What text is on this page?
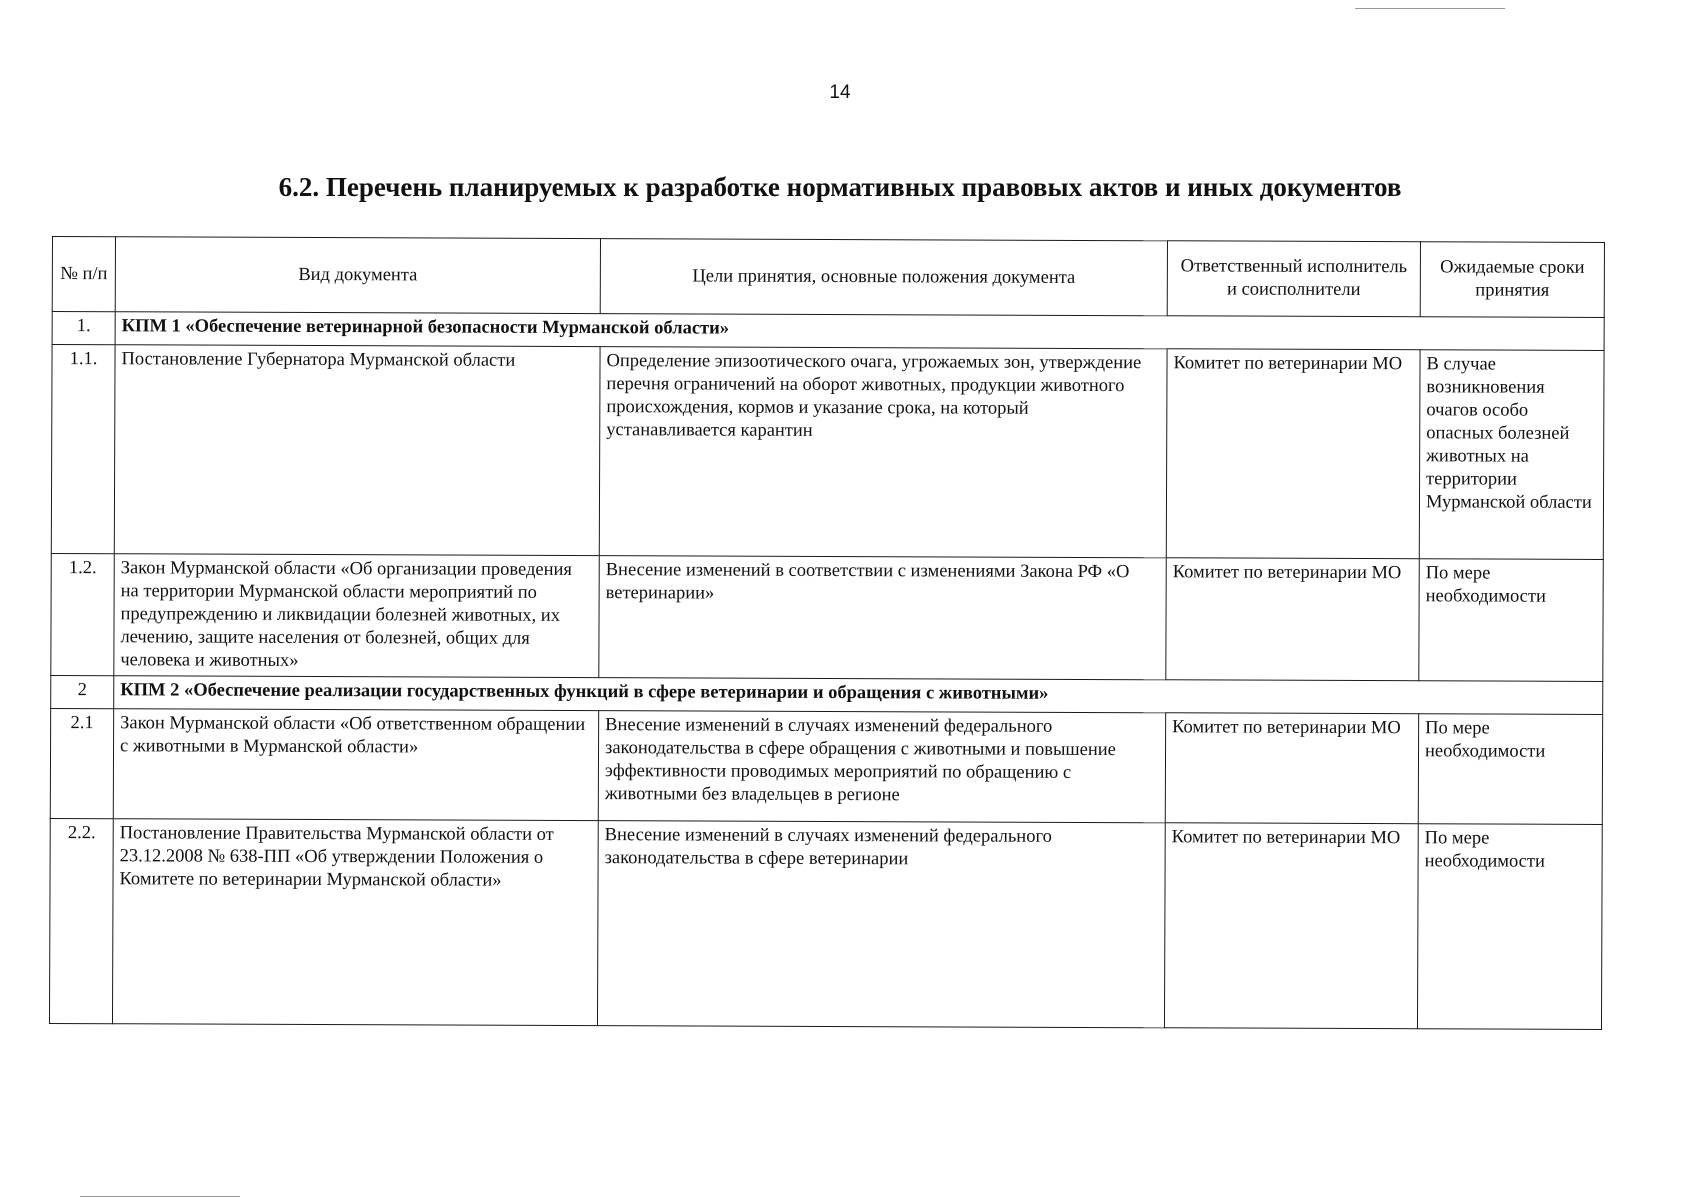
14
6.2. Перечень планируемых к разработке нормативных правовых актов и иных документов
№ п/п	Вид документа	Цели принятия, основные положения документа	Ответственный исполнитель и соисполнители	Ожидаемые сроки принятия
1.	КПМ 1 «Обеспечение ветеринарной безопасности Мурманской области»			
1.1.	Постановление Губернатора Мурманской области	Определение эпизоотического очага, угрожаемых зон, утверждение перечня ограничений на оборот животных, продукции животного происхождения, кормов и указание срока, на который устанавливается карантин	Комитет по ветеринарии МО	В случае возникновения очагов особо опасных болезней животных на территории Мурманской области
1.2.	Закон Мурманской области «Об организации проведения на территории Мурманской области мероприятий по предупреждению и ликвидации болезней животных, их лечению, защите населения от болезней, общих для человека и животных»	Внесение изменений в соответствии с изменениями Закона РФ «О ветеринарии»	Комитет по ветеринарии МО	По мере необходимости
2	КПМ 2 «Обеспечение реализации государственных функций в сфере ветеринарии и обращения с животными»			
2.1	Закон Мурманской области «Об ответственном обращении с животными в Мурманской области»	Внесение изменений в случаях изменений федерального законодательства в сфере обращения с животными и повышение эффективности проводимых мероприятий по обращению с животными без владельцев в регионе	Комитет по ветеринарии МО	По мере необходимости
2.2.	Постановление Правительства Мурманской области от 23.12.2008 № 638-ПП «Об утверждении Положения о Комитете по ветеринарии Мурманской области»	Внесение изменений в случаях изменений федерального законодательства в сфере ветеринарии	Комитет по ветеринарии МО	По мере необходимости
